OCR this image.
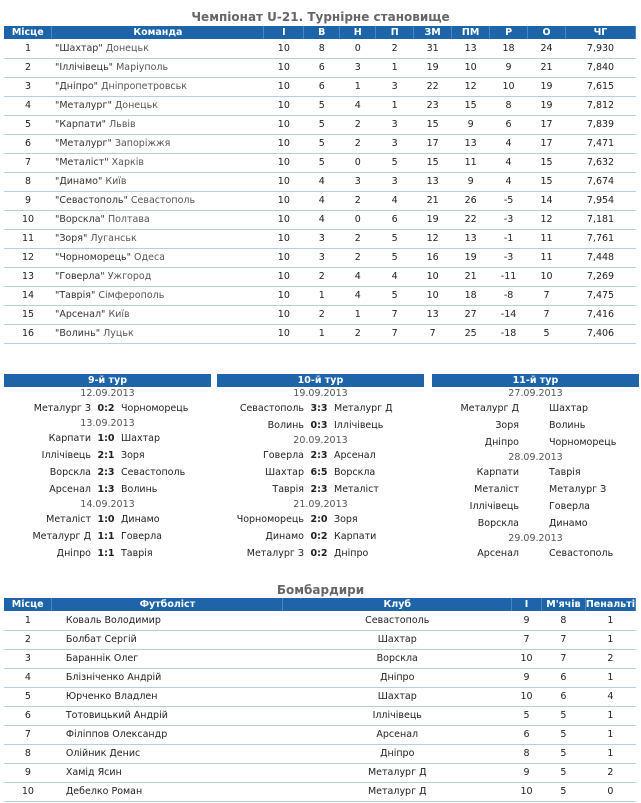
Чемпіонат U-21. Турнірне становище
Місце	Команда	І	В	Н	П	ЗМ	ПМ	Р	О	ЧГ
1	"Шахтар" Донецьк	10	8	0	2	31	13	18	24	7,930
2	"Іллічівець" Маріуполь	10	6	3	1	19	10	9	21	7,840
3	"Дніпро" Дніпропетровськ	10	6	1	3	22	12	10	19	7,615
4	"Металург" Донецьк	10	5	4	1	23	15	8	19	7,812
5	"Карпати" Львів	10	5	2	3	15	9	6	17	7,839
6	"Металург" Запоріжжя	10	5	2	3	17	13	4	17	7,471
7	"Металіст" Харків	10	5	0	5	15	11	4	15	7,632
8	"Динамо" Київ	10	4	3	3	13	9	4	15	7,674
9	"Севастополь" Севастополь	10	4	2	4	21	26	-5	14	7,954
10	"Ворскла" Полтава	10	4	0	6	19	22	-3	12	7,181
11	"Зоря" Луганськ	10	3	2	5	12	13	-1	11	7,761
12	"Чорноморець" Одеса	10	3	2	5	16	19	-3	11	7,448
13	"Говерла" Ужгород	10	2	4	4	10	21	-11	10	7,269
14	"Таврія" Сімферополь	10	1	4	5	10	18	-8	7	7,475
15	"Арсенал" Київ	10	2	1	7	13	27	-14	7	7,416
16	"Волинь" Луцьк	10	1	2	7	7	25	-18	5	7,406
9-й тур
12.09.2013
Металург З 0:2 Чорноморець
13.09.2013
Карпати 1:0 Шахтар
Іллічівець 2:1 Зоря
Ворскла 2:3 Севастополь
Арсенал 1:3 Волинь
14.09.2013
Металіст 1:0 Динамо
Металург Д 1:1 Говерла
Дніпро 1:1 Таврія
10-й тур
19.09.2013
Севастополь 3:3 Металург Д
Волинь 0:3 Іллічівець
20.09.2013
Говерла 2:3 Арсенал
Шахтар 6:5 Ворскла
Таврія 2:3 Металіст
21.09.2013
Чорноморець 2:0 Зоря
Динамо 0:2 Карпати
Металург З 0:2 Дніпро
11-й тур
27.09.2013
Металург Д	Шахтар
Зоря	Волинь
Дніпро	Чорноморець
28.09.2013
Карпати	Таврія
Металіст	Металург З
Іллічівець	Говерла
Ворскла	Динамо
29.09.2013
Арсенал	Севастополь
Бомбардири
Місце	Футболіст	Клуб	І	М'ячів	Пенальті
1	Коваль Володимир	Севастополь	9	8	1
2	Болбат Сергій	Шахтар	7	7	1
3	Бараннік Олег	Ворскла	10	7	2
4	Блізніченко Андрій	Дніпро	9	6	1
5	Юрченко Владлен	Шахтар	10	6	4
6	Тотовицький Андрій	Іллічівець	5	5	1
7	Філіппов Олександр	Арсенал	6	5	1
8	Олійник Денис	Дніпро	8	5	1
9	Хамід Ясин	Металург Д	9	5	2
10	Дебелко Роман	Металург Д	10	5	0
